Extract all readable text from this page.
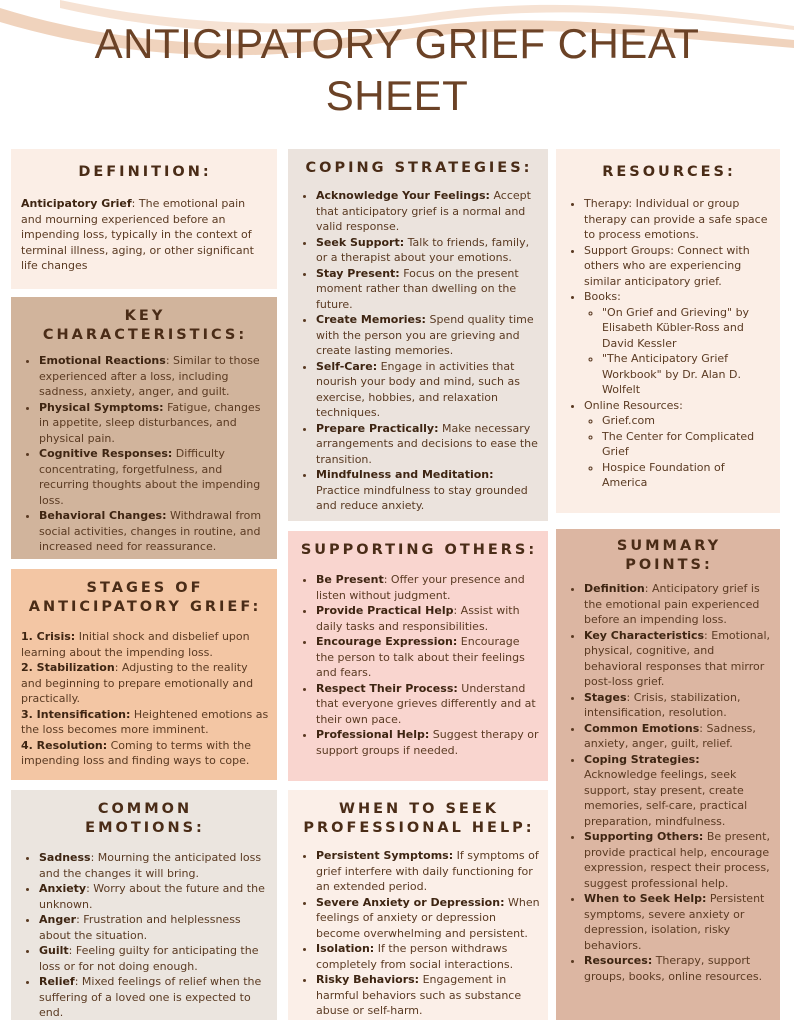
ANTICIPATORY GRIEF CHEAT
SHEET
DEFINITION:

Anticipatory Grief: The emotional pain and mourning experienced before an impending loss, typically in the context of terminal illness, aging, or other significant life changes

KEY
CHARACTERISTICS:
• Emotional Reactions: Similar to those experienced after a loss, including sadness, anxiety, anger, and guilt.
• Physical Symptoms: Fatigue, changes in appetite, sleep disturbances, and physical pain.
• Cognitive Responses: Difficulty concentrating, forgetfulness, and recurring thoughts about the impending loss.
• Behavioral Changes: Withdrawal from social activities, changes in routine, and increased need for reassurance.
STAGES OF
ANTICIPATORY GRIEF:

1. Crisis: Initial shock and disbelief upon learning about the impending loss.

2. Stabilization: Adjusting to the reality and beginning to prepare emotionally and practically.

3. Intensification: Heightened emotions as the loss becomes more imminent.

4. Resolution: Coming to terms with the impending loss and finding ways to cope.

COMMON
EMOTIONS:
• Sadness: Mourning the anticipated loss and the changes it will bring.
• Anxiety: Worry about the future and the unknown.
• Anger: Frustration and helplessness about the situation.
• Guilt: Feeling guilty for anticipating the loss or for not doing enough.
• Relief: Mixed feelings of relief when the suffering of a loved one is expected to end.
COPING STRATEGIES:
• Acknowledge Your Feelings: Accept that anticipatory grief is a normal and valid response.
• Seek Support: Talk to friends, family, or a therapist about your emotions.
• Stay Present: Focus on the present moment rather than dwelling on the future.
• Create Memories: Spend quality time with the person you are grieving and create lasting memories.
• Self-Care: Engage in activities that nourish your body and mind, such as exercise, hobbies, and relaxation techniques.
• Prepare Practically: Make necessary arrangements and decisions to ease the transition.
• Mindfulness and Meditation: Practice mindfulness to stay grounded and reduce anxiety.
SUPPORTING OTHERS:
• Be Present: Offer your presence and listen without judgment.
• Provide Practical Help: Assist with daily tasks and responsibilities.
• Encourage Expression: Encourage the person to talk about their feelings and fears.
• Respect Their Process: Understand that everyone grieves differently and at their own pace.
• Professional Help: Suggest therapy or support groups if needed.
WHEN TO SEEK
PROFESSIONAL HELP:
• Persistent Symptoms: If symptoms of grief interfere with daily functioning for an extended period.
• Severe Anxiety or Depression: When feelings of anxiety or depression become overwhelming and persistent.
• Isolation: If the person withdraws completely from social interactions.
• Risky Behaviors: Engagement in harmful behaviors such as substance abuse or self-harm.
RESOURCES:
• Therapy: Individual or group therapy can provide a safe space to process emotions.
• Support Groups: Connect with others who are experiencing similar anticipatory grief.
• Books:
◦ "On Grief and Grieving" by Elisabeth Kübler-Ross and David Kessler
◦ "The Anticipatory Grief Workbook" by Dr. Alan D. Wolfelt
• Online Resources:
◦ Grief.com
◦ The Center for Complicated Grief
◦ Hospice Foundation of America
SUMMARY
POINTS:
• Definition: Anticipatory grief is the emotional pain experienced before an impending loss.
• Key Characteristics: Emotional, physical, cognitive, and behavioral responses that mirror post-loss grief.
• Stages: Crisis, stabilization, intensification, resolution.
• Common Emotions: Sadness, anxiety, anger, guilt, relief.
• Coping Strategies: Acknowledge feelings, seek support, stay present, create memories, self-care, practical preparation, mindfulness.
• Supporting Others: Be present, provide practical help, encourage expression, respect their process, suggest professional help.
• When to Seek Help: Persistent symptoms, severe anxiety or depression, isolation, risky behaviors.
• Resources: Therapy, support groups, books, online resources.
